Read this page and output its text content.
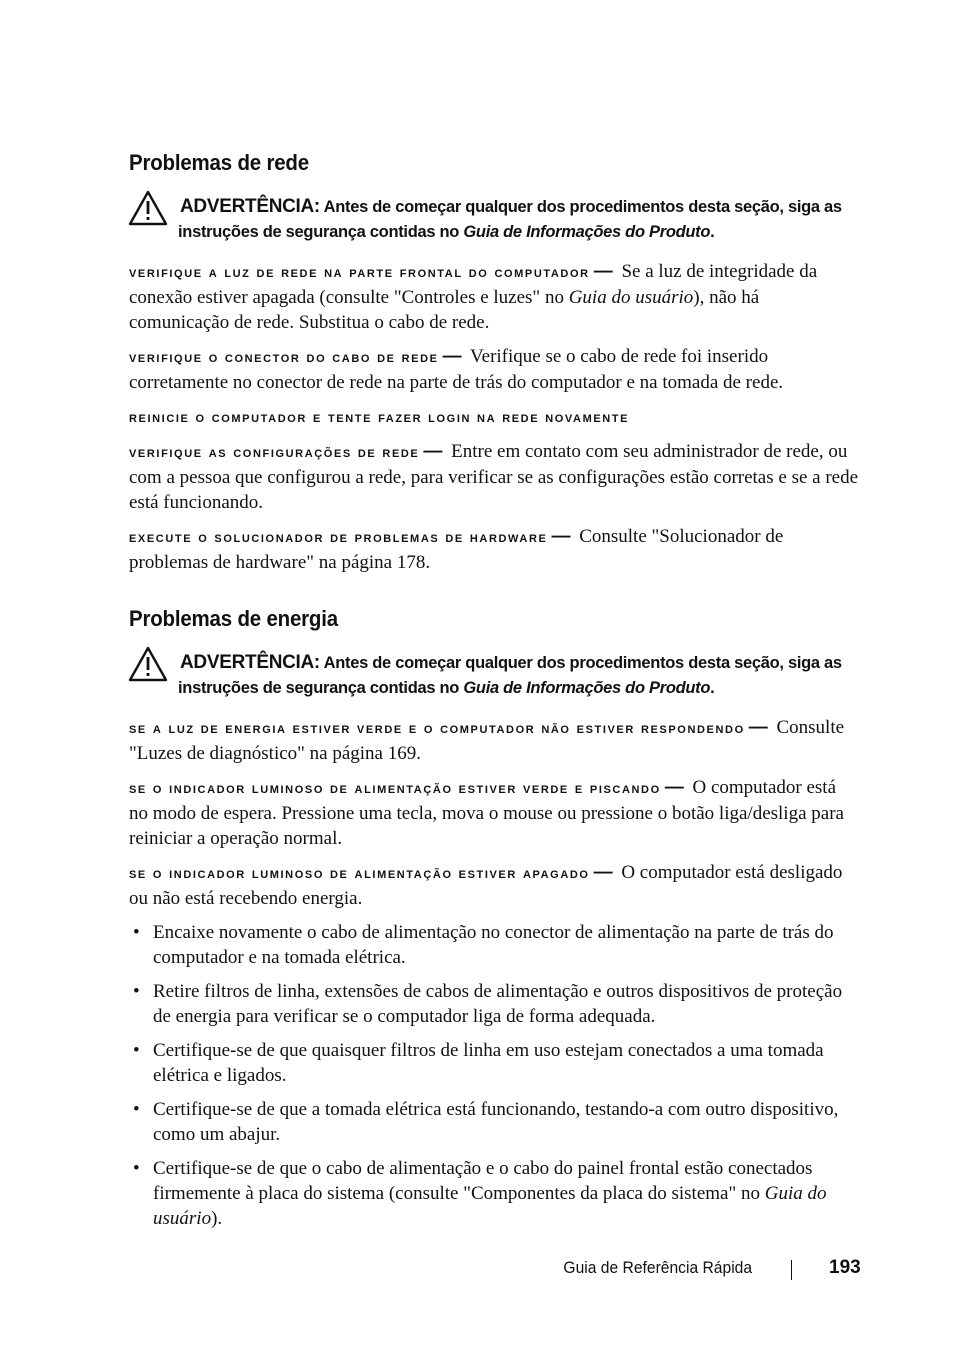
Problemas de rede
ADVERTÊNCIA: Antes de começar qualquer dos procedimentos desta seção, siga as instruções de segurança contidas no Guia de Informações do Produto.

verifique a luz de rede na parte frontal do computador — Se a luz de integridade da conexão estiver apagada (consulte "Controles e luzes" no Guia do usuário), não há comunicação de rede. Substitua o cabo de rede.

verifique o conector do cabo de rede — Verifique se o cabo de rede foi inserido corretamente no conector de rede na parte de trás do computador e na tomada de rede.

reinicie o computador e tente fazer login na rede novamente

verifique as configurações de rede — Entre em contato com seu administrador de rede, ou com a pessoa que configurou a rede, para verificar se as configurações estão corretas e se a rede está funcionando.

execute o solucionador de problemas de hardware — Consulte "Solucionador de problemas de hardware" na página 178.

Problemas de energia
ADVERTÊNCIA: Antes de começar qualquer dos procedimentos desta seção, siga as instruções de segurança contidas no Guia de Informações do Produto.

se a luz de energia estiver verde e o computador não estiver respondendo — Consulte "Luzes de diagnóstico" na página 169.

se o indicador luminoso de alimentação estiver verde e piscando — O computador está no modo de espera. Pressione uma tecla, mova o mouse ou pressione o botão liga/desliga para reiniciar a operação normal.

se o indicador luminoso de alimentação estiver apagado — O computador está desligado ou não está recebendo energia.

• Encaixe novamente o cabo de alimentação no conector de alimentação na parte de trás do computador e na tomada elétrica.
• Retire filtros de linha, extensões de cabos de alimentação e outros dispositivos de proteção de energia para verificar se o computador liga de forma adequada.
• Certifique-se de que quaisquer filtros de linha em uso estejam conectados a uma tomada elétrica e ligados.
• Certifique-se de que a tomada elétrica está funcionando, testando-a com outro dispositivo, como um abajur.
• Certifique-se de que o cabo de alimentação e o cabo do painel frontal estão conectados firmemente à placa do sistema (consulte "Componentes da placa do sistema" no Guia do usuário).
Guia de Referência Rápida	193
